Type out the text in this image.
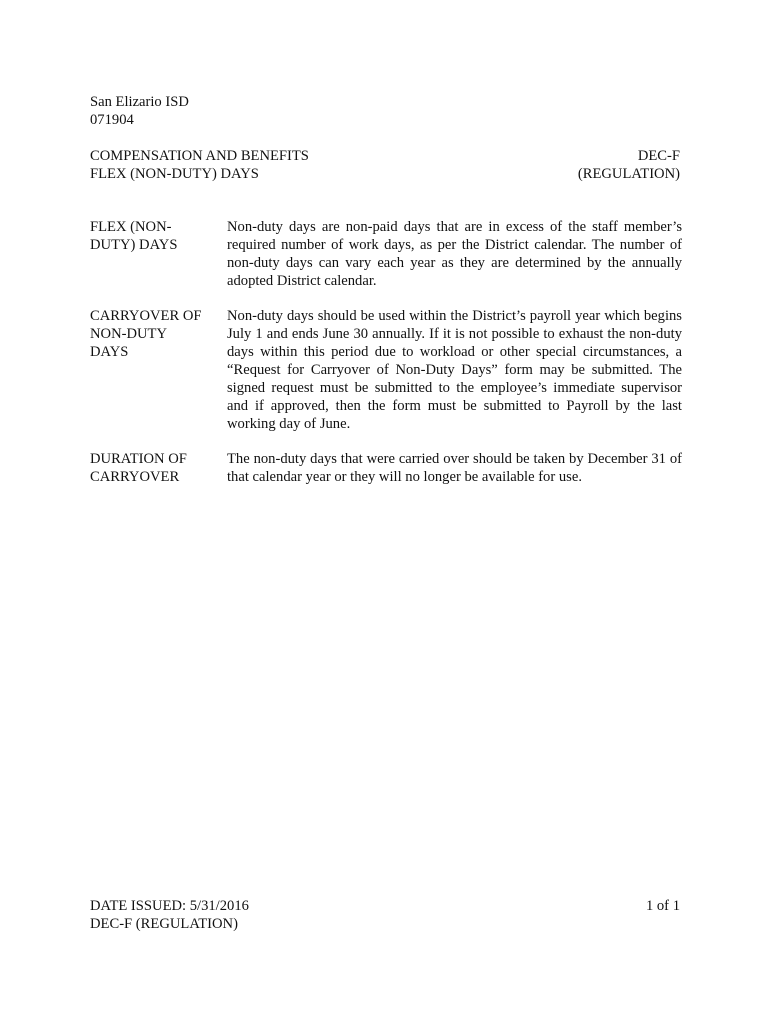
San Elizario ISD
071904
COMPENSATION AND BENEFITS
FLEX (NON-DUTY) DAYS
DEC-F
(REGULATION)
FLEX (NON-
DUTY) DAYS
Non-duty days are non-paid days that are in excess of the staff member’s required number of work days, as per the District calendar. The number of non-duty days can vary each year as they are determined by the annually adopted District calendar.
CARRYOVER OF
NON-DUTY
DAYS
Non-duty days should be used within the District’s payroll year which begins July 1 and ends June 30 annually. If it is not possible to exhaust the non-duty days within this period due to workload or other special circumstances, a “Request for Carryover of Non-Duty Days” form may be submitted. The signed request must be submitted to the employee’s immediate supervisor and if approved, then the form must be submitted to Payroll by the last working day of June.
DURATION OF
CARRYOVER
The non-duty days that were carried over should be taken by December 31 of that calendar year or they will no longer be available for use.
DATE ISSUED: 5/31/2016
DEC-F (REGULATION)
1 of 1
